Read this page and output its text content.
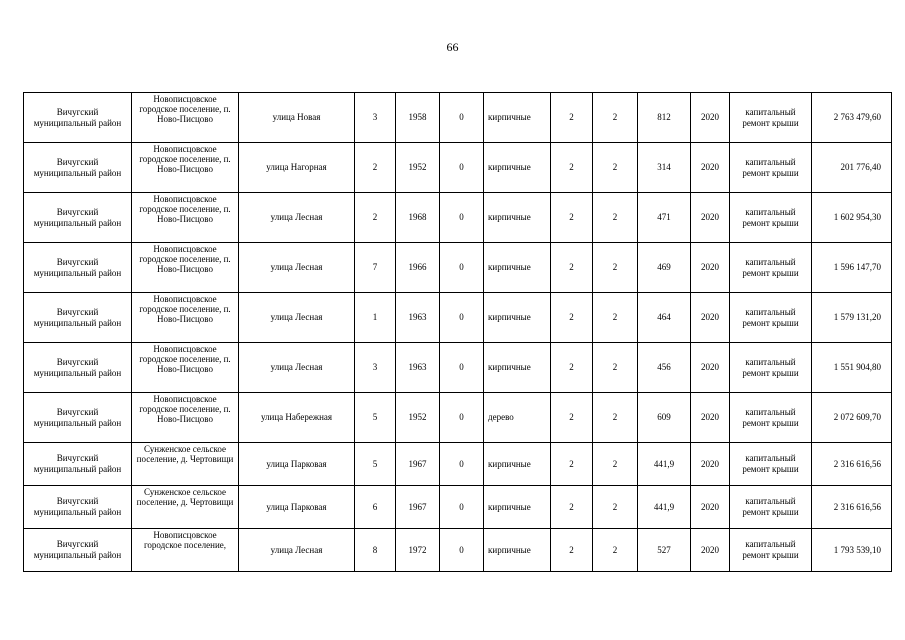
66
Вичугский муниципальный район	Новописцовское городское поселение, п. Ново-Писцово	улица Новая	3	1958	0	кирпичные	2	2	812	2020	капитальный ремонт крыши	2 763 479,60
Вичугский муниципальный район	Новописцовское городское поселение, п. Ново-Писцово	улица Нагорная	2	1952	0	кирпичные	2	2	314	2020	капитальный ремонт крыши	201 776,40
Вичугский муниципальный район	Новописцовское городское поселение, п. Ново-Писцово	улица Лесная	2	1968	0	кирпичные	2	2	471	2020	капитальный ремонт крыши	1 602 954,30
Вичугский муниципальный район	Новописцовское городское поселение, п. Ново-Писцово	улица Лесная	7	1966	0	кирпичные	2	2	469	2020	капитальный ремонт крыши	1 596 147,70
Вичугский муниципальный район	Новописцовское городское поселение, п. Ново-Писцово	улица Лесная	1	1963	0	кирпичные	2	2	464	2020	капитальный ремонт крыши	1 579 131,20
Вичугский муниципальный район	Новописцовское городское поселение, п. Ново-Писцово	улица Лесная	3	1963	0	кирпичные	2	2	456	2020	капитальный ремонт крыши	1 551 904,80
Вичугский муниципальный район	Новописцовское городское поселение, п. Ново-Писцово	улица Набережная	5	1952	0	дерево	2	2	609	2020	капитальный ремонт крыши	2 072 609,70
Вичугский муниципальный район	Сунженское сельское поселение, д. Чертовищи	улица Парковая	5	1967	0	кирпичные	2	2	441,9	2020	капитальный ремонт крыши	2 316 616,56
Вичугский муниципальный район	Сунженское сельское поселение, д. Чертовищи	улица Парковая	6	1967	0	кирпичные	2	2	441,9	2020	капитальный ремонт крыши	2 316 616,56
Вичугский муниципальный район	Новописцовское городское поселение,	улица Лесная	8	1972	0	кирпичные	2	2	527	2020	капитальный ремонт крыши	1 793 539,10
